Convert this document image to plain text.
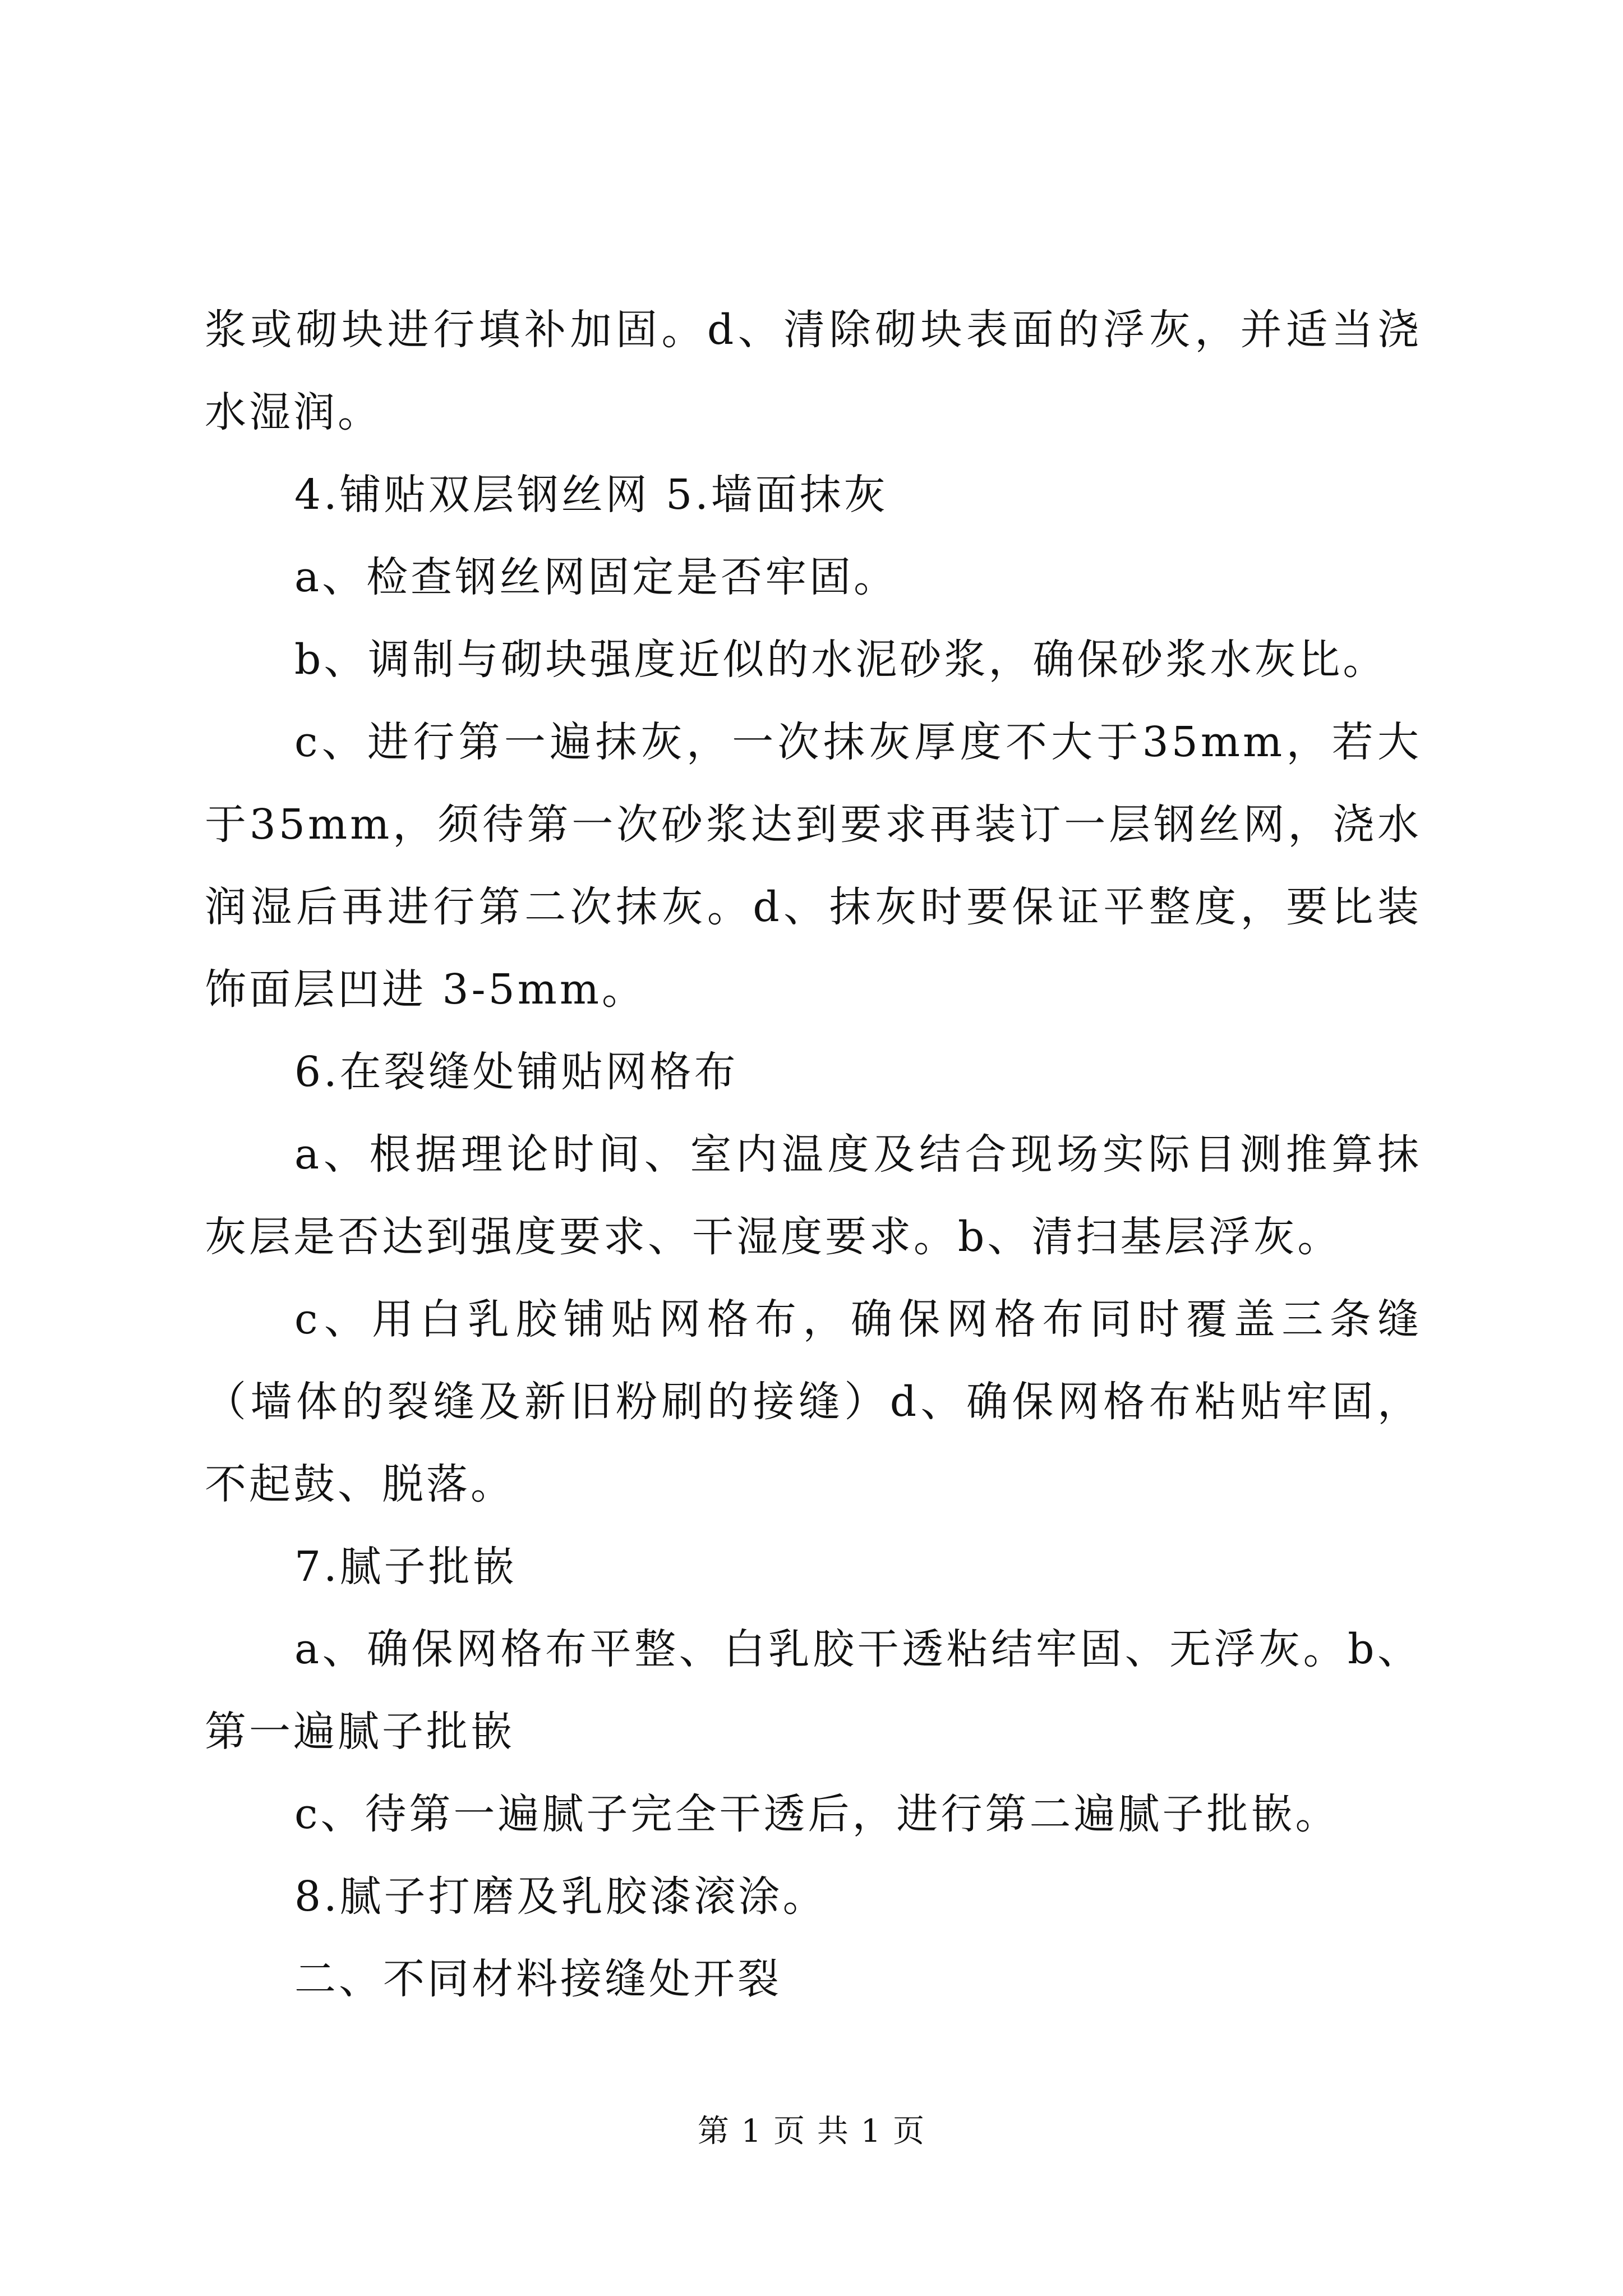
浆或砌块进行填补加固。d、清除砌块表面的浮灰，并适当浇水湿润。

4.铺贴双层钢丝网 5.墙面抹灰

a、检查钢丝网固定是否牢固。

b、调制与砌块强度近似的水泥砂浆，确保砂浆水灰比。

c、进行第一遍抹灰，一次抹灰厚度不大于35mm，若大于35mm，须待第一次砂浆达到要求再装订一层钢丝网，浇水润湿后再进行第二次抹灰。d、抹灰时要保证平整度，要比装饰面层凹进 3-5mm。

6.在裂缝处铺贴网格布

a、根据理论时间、室内温度及结合现场实际目测推算抹灰层是否达到强度要求、干湿度要求。b、清扫基层浮灰。

c、用白乳胶铺贴网格布，确保网格布同时覆盖三条缝（墙体的裂缝及新旧粉刷的接缝）d、确保网格布粘贴牢固，不起鼓、脱落。

7.腻子批嵌

a、确保网格布平整、白乳胶干透粘结牢固、无浮灰。b、第一遍腻子批嵌

c、待第一遍腻子完全干透后，进行第二遍腻子批嵌。

8.腻子打磨及乳胶漆滚涂。

二、不同材料接缝处开裂

第 1 页 共 1 页
